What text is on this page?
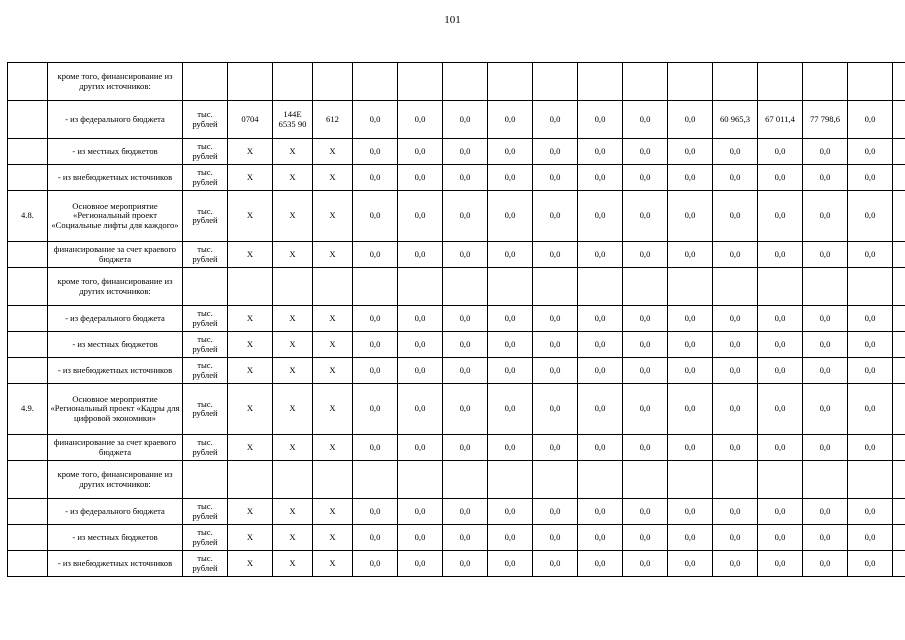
101
	кроме того, финансирование из других источников:																	
	- из федерального бюджета	тыс. рублей	0704	144E 6535 90	612	0,0	0,0	0,0	0,0	0,0	0,0	0,0	0,0	60 965,3	67 011,4	77 798,6	0,0	
	- из местных бюджетов	тыс. рублей	X	X	X	0,0	0,0	0,0	0,0	0,0	0,0	0,0	0,0	0,0	0,0	0,0	0,0	
	- из внебюджетных источников	тыс. рублей	X	X	X	0,0	0,0	0,0	0,0	0,0	0,0	0,0	0,0	0,0	0,0	0,0	0,0	
4.8.	Основное мероприятие «Региональный проект «Социальные лифты для каждого»	тыс. рублей	X	X	X	0,0	0,0	0,0	0,0	0,0	0,0	0,0	0,0	0,0	0,0	0,0	0,0	
	финансирование за счет краевого бюджета	тыс. рублей	X	X	X	0,0	0,0	0,0	0,0	0,0	0,0	0,0	0,0	0,0	0,0	0,0	0,0	
	кроме того, финансирование из других источников:																	
	- из федерального бюджета	тыс. рублей	X	X	X	0,0	0,0	0,0	0,0	0,0	0,0	0,0	0,0	0,0	0,0	0,0	0,0	
	- из местных бюджетов	тыс. рублей	X	X	X	0,0	0,0	0,0	0,0	0,0	0,0	0,0	0,0	0,0	0,0	0,0	0,0	
	- из внебюджетных источников	тыс. рублей	X	X	X	0,0	0,0	0,0	0,0	0,0	0,0	0,0	0,0	0,0	0,0	0,0	0,0	
4.9.	Основное мероприятие «Региональный проект «Кадры для цифровой экономики»	тыс. рублей	X	X	X	0,0	0,0	0,0	0,0	0,0	0,0	0,0	0,0	0,0	0,0	0,0	0,0	
	финансирование за счет краевого бюджета	тыс. рублей	X	X	X	0,0	0,0	0,0	0,0	0,0	0,0	0,0	0,0	0,0	0,0	0,0	0,0	
	кроме того, финансирование из других источников:																	
	- из федерального бюджета	тыс. рублей	X	X	X	0,0	0,0	0,0	0,0	0,0	0,0	0,0	0,0	0,0	0,0	0,0	0,0	
	- из местных бюджетов	тыс. рублей	X	X	X	0,0	0,0	0,0	0,0	0,0	0,0	0,0	0,0	0,0	0,0	0,0	0,0	
	- из внебюджетных источников	тыс. рублей	X	X	X	0,0	0,0	0,0	0,0	0,0	0,0	0,0	0,0	0,0	0,0	0,0	0,0	
